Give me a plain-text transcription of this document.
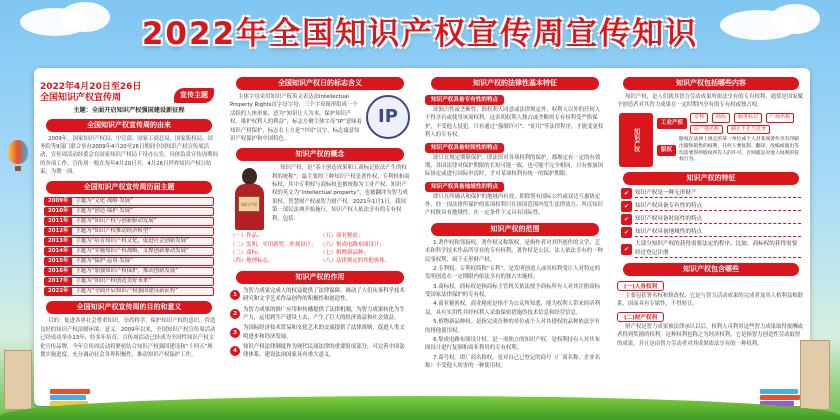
2022年全国知识产权宣传周宣传知识
2022年4月20日至26日
全国知识产权宣传周	宣传主题
主题：全面开启知识产权强国建设新征程
全国知识产权宣传周的由来

2009年，国家知识产权局、中宣部、国家工商总局、国家版权局、国务院等9部门联合举办2009年4月20至26日期间全国知识产权宣传周活动，宣传周活动经委会在国家知识产权局下设办公室，具体负责宣传周期间的各项工作。宣传周一般在每年4月20日开，4月26日世界知识产权日结束，为期一周。

全国知识产权宣传周历届主题
2009年	主题为“文化·战略·发展”
2010年	主题为“创造·保护·发展”
2011年	主题为“知识产权与创新驱动发展”
2012年	主题为“知识产权推动经济转型”
2013年	主题为“培育知识产权文化，促进社会创新发展”
2014年	主题为“实施知识产权战略，支撑创新驱动发展”
2015年	主题为“保护·运用·发展”
2016年	主题为“加强知识产权保护，推动创新发展”
2017年	主题为“知识产权创造美好未来”
2022年	主题为“全面开启知识产权强国建设新征程”
全国知识产权宣传周的目的和意义

目的：促进各界社会尊重知识，崇尚科学，保护知识产权的意识，营造良好的知识产权法制环境。意义：2009年以来，全国知识产权宣传周活动已经成功举办13年，经多年培育，宣传周活动已经成为全国性知识产权文化宣传品牌，今年宣传周活动将紧密结合知识产权强国建设和“十四五”规划实施进度，充分调动社会各界积极性，推动知识产权保护工作。

全国知识产权日的标志含义
IP

主体字母采用知识产权英文表达法intellectual Property Rights首字母字母，三个字母图形组成一个活跃的人体形象，意为“知识让人为本，保护知识产权，维护权利人的利益”，标志左侧主体字母“IP”意味着知识产权保护，标志右上方是“中国”汉字，标志寓意知识产权保护和中国特色。

知识产权的概念
知识产权

知识产权，是“基于创造成果和工商标记依法产生的权利的统称”。最主要的三种知识产权是著作权、专利权和商标权，其中专利权与商标权也被统称为工业产权。知识产权的英文为“intellectual property”，也被翻译为智力成果权、智慧财产权或智力财产权。2021年1月1日，我国第一部民法典开始施行，知识产权人依法享有的专有权利，包括：

（一）作品；	（五）商业秘密；
（二）发明、实用新型、外观设计； （六）集成电路布图设计；
（三）商标；	（七）植物新品种；
（四）地理标志；	（八）法律规定的其他客体。
知识产权的作用
1
为智力成果完成人的权益提供了法律保障，调动了人们从事科学技术研究和文学艺术作品创作的积极性和创造性。
2
为智力成果的推广应用和传播提供了法律机制，为智力成果转化为生产力，运用到生产建设上去，产生了巨大的经济效益和社会效益。
3
为国际经济技术贸易和文化艺术的交流提供了法律准则，促进人类文明进步和经济发展。
4
知识产权法律制度作为现代民商法律的重要组成部分，可完善中国法律体系，建设法治国家具有重大意义。
知识产权的法律性基本特征
知识产权具备专有性的特点

即独占性或垄断性；除权利人同意或法律规定外，权利人以外的任何人不得享有或使用该项权利。这表明权利人独占或垄断的专有权利受严格保护，不受他人侵犯。只有通过“强制许可”、“征用”等法律程序，才能变更权利人的专有权。

知识产权具备时间性的特点

即只在规定期限保护。即法律对各项权利的保护，都规定有一定的有效期，各国法律对保护期限的长短可能一致，也可能不完全相同，只有参加国际协定或进行国际申请时，才对某项权利有统一的保护期限。

知识产权具备地域性的特点

即只在所确认和保护的地域内有效；即除签有国际公约或双边互惠协定外，经一国法律所保护的某项权利只在该国范围内发生法律效力。所以知识产权既具有地域性，在一定条件下又具有国际性。

知识产权的范围

1.著作权和邻接权。著作权又称版权，是指作者对其所创作的文学、艺术和科学技术作品所享有的专有权利。著作权是公民、法人依法享有的一种民事权利，属于无形财产权。

2.专利权。专利权简称“专利”，是发明创造人或其权利受让人对特定的发明创造在一定期限内依法享有的独占实施权。

3.商标权。商标权是指商标主管机关依法授予商标所有人对其注册商标受国家法律保护的专有权。

4.商业秘密权。商业秘密是指不为公众所知悉，能为权利人带来经济利益，具有实用性并经权利人采取保密措施的技术信息和经营信息。

5.植物新品种权。是指完成育种的单位或个人对其授权的品种依法享有的排他使用权。

6.集成电路布图设计权。是一项独立的知识产权，是权利持有人对其布图设计进行复制和商业利用的专有权利。

7.商号权。即厂商名称权，是对自己已登记的商号（厂商名称、企业名称）不受他人妨害的一种使用权。

知识产权包括哪些内容

知识产权，是人们就其智力劳动成果所依法享有的专有权利，通常是国家赋予创造者对其智力成果在一定时期内享有的专有权或独占权。

知识产权
工业产权
专利	商标	服务标记	厂商名称
原产地名称	制止不正当竞争
版权
版权在法律上规定的某一单位或个人对某项著作享有印刷出版和销售的权利，任何人要复制、翻译、改编或演出等均需要得到版权所有人的许可，否则就是对他人权利的侵权行为。
知识产权的特征
✔	知识产权是一种无形财产
✔	知识产权具备专有性的特点
✔	知识产权具备时间性的特点
✔	知识产权具备地域性的特点
✔
大部分知识产权的获得需要法定的程序，比如，商标权的获得需要经过登记注册
知识产权包含哪些
(一)人身权利

主要包括署名权和修改权，它是与智力活动成果的完成者及其人格利益相联系，因而具有专属性，不得转让。

(二)财产权利

财产权是智力成果被法律承认以后，权利人可利用这些智力成果取得报酬或者得到奖励的权利，这种权利也称之为经济权利。它是指智力创造性劳动取得的成果，并且是由智力劳动者对其成果依法享有的一种权利。
